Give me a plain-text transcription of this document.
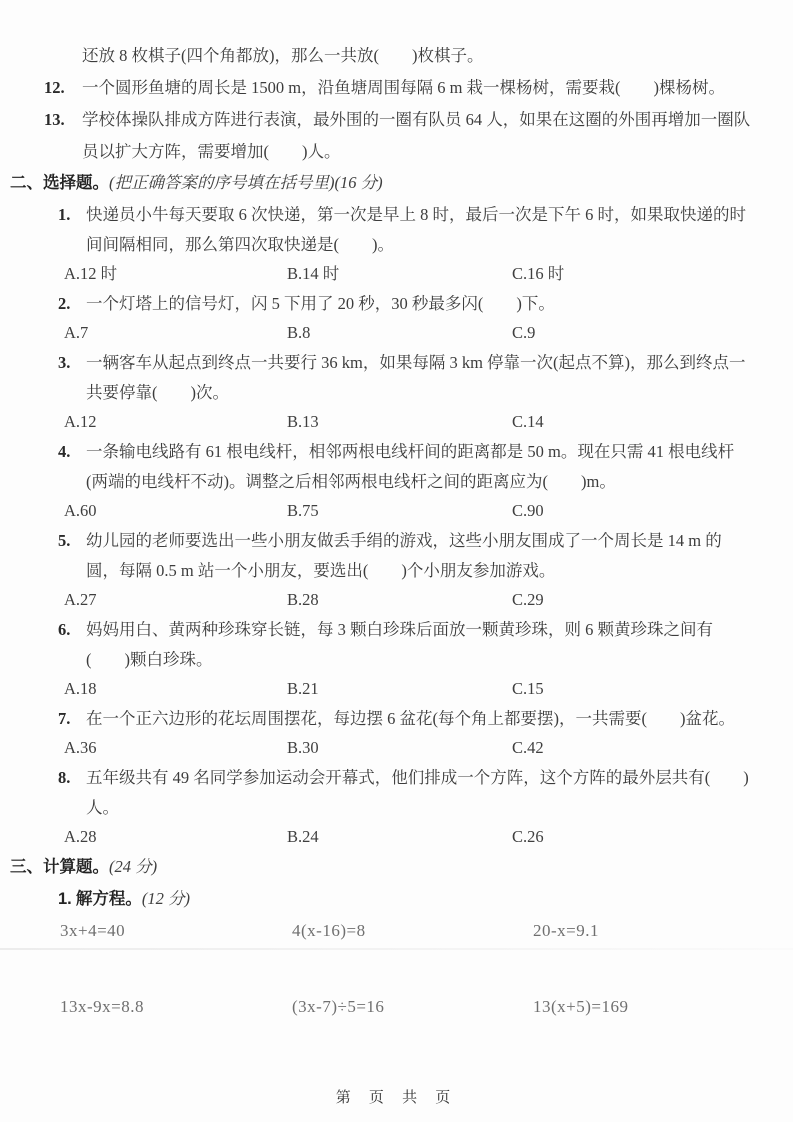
还放 8 枚棋子(四个角都放)，那么一共放(　　)枚棋子。
12.	一个圆形鱼塘的周长是 1500 m，沿鱼塘周围每隔 6 m 栽一棵杨树，需要栽(　　)棵杨树。
13.	学校体操队排成方阵进行表演，最外围的一圈有队员 64 人，如果在这圈的外围再增加一圈队员以扩大方阵，需要增加(　　)人。
二、选择题。(把正确答案的序号填在括号里)(16 分)
1. 快递员小牛每天要取 6 次快递，第一次是早上 8 时，最后一次是下午 6 时，如果取快递的时间间隔相同，那么第四次取快递是(　　)。
A.12 时	B.14 时	C.16 时
2. 一个灯塔上的信号灯，闪 5 下用了 20 秒，30 秒最多闪(　　)下。
A.7	B.8	C.9
3. 一辆客车从起点到终点一共要行 36 km，如果每隔 3 km 停靠一次(起点不算)，那么到终点一共要停靠(　　)次。
A.12	B.13	C.14
4. 一条输电线路有 61 根电线杆，相邻两根电线杆间的距离都是 50 m。现在只需 41 根电线杆(两端的电线杆不动)。调整之后相邻两根电线杆之间的距离应为(　　)m。
A.60	B.75	C.90
5. 幼儿园的老师要选出一些小朋友做丢手绢的游戏，这些小朋友围成了一个周长是 14 m 的圆，每隔 0.5 m 站一个小朋友，要选出(　　)个小朋友参加游戏。
A.27	B.28	C.29
6. 妈妈用白、黄两种珍珠穿长链，每 3 颗白珍珠后面放一颗黄珍珠，则 6 颗黄珍珠之间有(　　)颗白珍珠。
A.18	B.21	C.15
7. 在一个正六边形的花坛周围摆花，每边摆 6 盆花(每个角上都要摆)，一共需要(　　)盆花。
A.36	B.30	C.42
8. 五年级共有 49 名同学参加运动会开幕式，他们排成一个方阵，这个方阵的最外层共有(　　)人。
A.28	B.24	C.26
三、计算题。(24 分)
1. 解方程。(12 分)
3x+4=40	4(x-16)=8	20-x=9.1
13x-9x=8.8	(3x-7)÷5=16	13(x+5)=169
第 页 共 页
